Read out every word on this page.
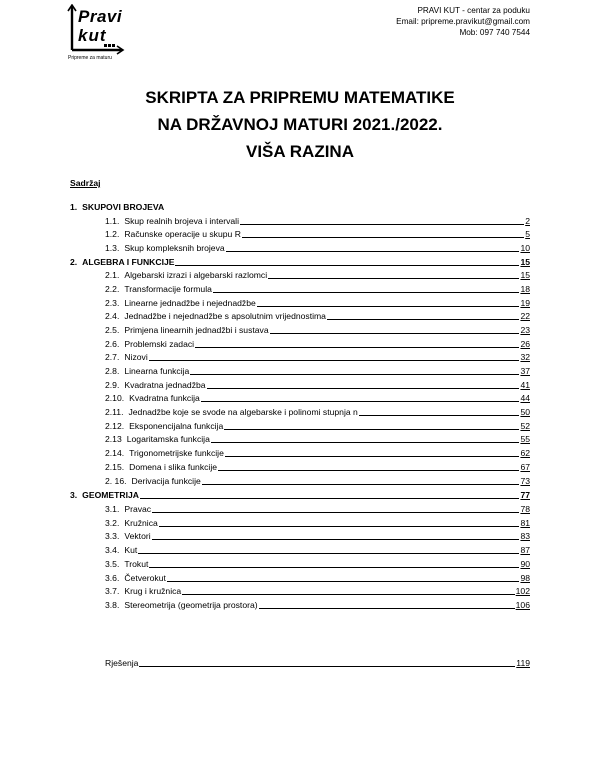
Pravi
kut
Pripreme za maturu
PRAVI KUT - centar za poduku
Email: pripreme.pravikut@gmail.com
Mob: 097 740 7544
SKRIPTA ZA PRIPREMU MATEMATIKE
NA DRŽAVNOJ MATURI 2021./2022.
VIŠA RAZINA
Sadržaj
1. SKUPOVI BROJEVA
1.1. Skup realnih brojeva i intervali	2
1.2. Računske operacije u skupu R	5
1.3. Skup kompleksnih brojeva	10
2. ALGEBRA I FUNKCIJE	15
2.1. Algebarski izrazi i algebarski razlomci	15
2.2. Transformacije formula	18
2.3. Linearne jednadžbe i nejednadžbe	19
2.4. Jednadžbe i nejednadžbe s apsolutnim vrijednostima	22
2.5. Primjena linearnih jednadžbi i sustava	23
2.6. Problemski zadaci	26
2.7. Nizovi	32
2.8. Linearna funkcija	37
2.9. Kvadratna jednadžba	41
2.10. Kvadratna funkcija	44
2.11. Jednadžbe koje se svode na algebarske i polinomi stupnja n	50
2.12. Eksponencijalna funkcija	52
2.13 Logaritamska funkcija	55
2.14. Trigonometrijske funkcije	62
2.15. Domena i slika funkcije	67
2. 16. Derivacija funkcije	73
3. GEOMETRIJA	77
3.1. Pravac	78
3.2. Kružnica	81
3.3. Vektori	83
3.4. Kut	87
3.5. Trokut	90
3.6. Četverokut	98
3.7. Krug i kružnica	102
3.8. Stereometrija (geometrija prostora)	106
Rješenja	119
